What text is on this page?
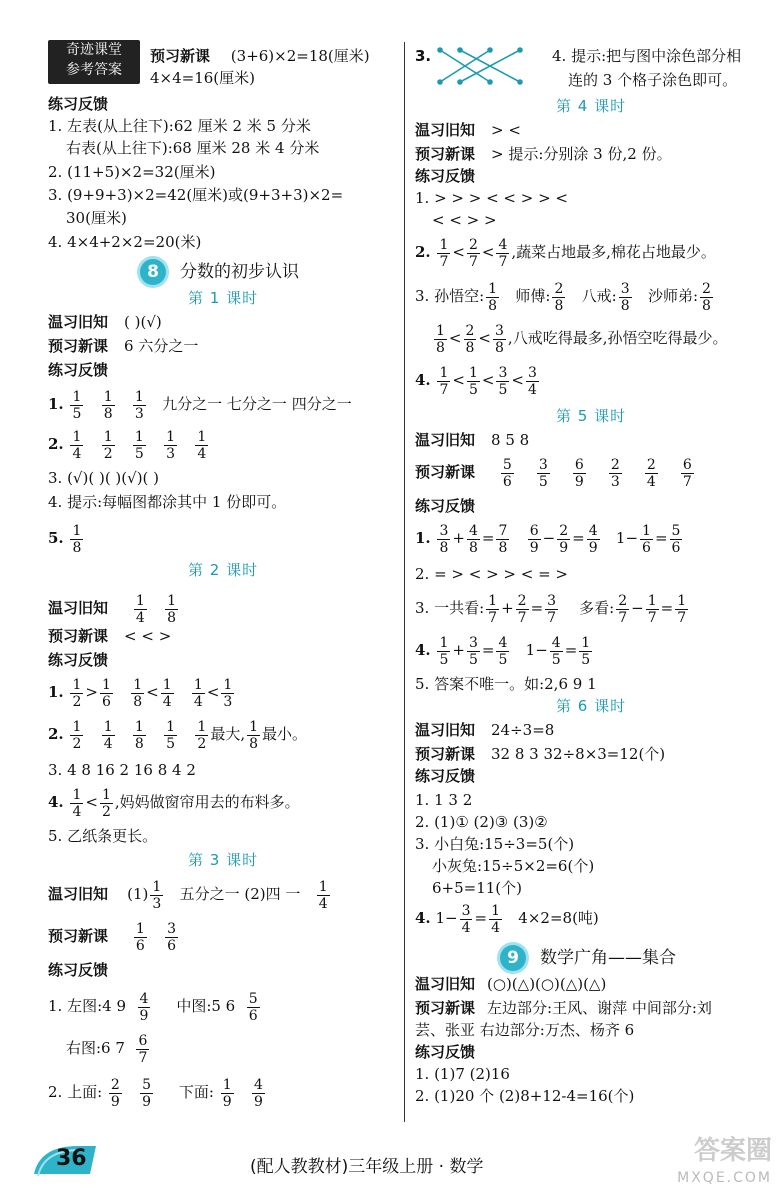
奇迹课堂
参考答案
预习新课 (3+6)×2=18(厘米)
4×4=16(厘米)
练习反馈
1. 左表(从上往下):62 厘米 2 米 5 分米
右表(从上往下):68 厘米 28 米 4 分米
2. (11+5)×2=32(厘米)
3. (9+9+3)×2=42(厘米)或(9+3+3)×2=
30(厘米)
4. 4×4+2×2=20(米)
8 分数的初步认识
第 1 课时
温习旧知 ( )(√)
预习新课 6 六分之一
练习反馈
1. $\frac{1}{5}$
$\frac{1}{8}$
$\frac{1}{3}$ 九分之一 七分之一 四分之一
2. $\frac{1}{4}$
$\frac{1}{2}$
$\frac{1}{5}$
$\frac{1}{3}$
$\frac{1}{4}$
3. (√)( )( )(√)( )
4. 提示:每幅图都涂其中 1 份即可。
5. $\frac{1}{8}$
第 2 课时
温习旧知 $\frac{1}{4}$
$\frac{1}{8}$
预习新课 < < >
练习反馈
1. $\frac{1}{2} > \frac{1}{6}$
$\frac{1}{8} < \frac{1}{4}$
$\frac{1}{4} < \frac{1}{3}$
2. $\frac{1}{2}$
$\frac{1}{4}$
$\frac{1}{8}$
$\frac{1}{5}$
$\frac{1}{2}$ 最大, $\frac{1}{8}$ 最小。
3. 4 8 16 2 16 8 4 2
4. $\frac{1}{4} < \frac{1}{2}$ ,妈妈做窗帘用去的布料多。
5. 乙纸条更长。
第 3 课时
温习旧知 $(1) \frac{1}{3}$ 五分之一 (2)四 一 $\frac{1}{4}$
预习新课 $\frac{1}{6}$
$\frac{3}{6}$
练习反馈
1. 左图:4 $9 \frac{4}{9}$ 中图:5 $6 \frac{5}{6}$
右图:6 $7 \frac{6}{7}$
2. 上面: $\frac{2}{9}$
$\frac{5}{9}$ 下面: $\frac{1}{9}$
$\frac{4}{9}$
3.	4. 提示:把与图中涂色部分相
连的 3 个格子涂色即可。
第 4 课时
温习旧知 > <
预习新课 > 提示:分别涂 3 份,2 份。
练习反馈
1. > > > < < > > <
< < > >
2. $\frac{1}{7} < \frac{2}{7} < \frac{4}{7}$ ,蔬菜占地最多,棉花占地最少。
3. 孙悟空: $\frac{1}{8}$ 师傅: $\frac{2}{8}$ 八戒: $\frac{3}{8}$ 沙师弟: $\frac{2}{8}$
$\frac{1}{8} < \frac{2}{8} < \frac{3}{8}$ ,八戒吃得最多,孙悟空吃得最少。
4. $\frac{1}{7} < \frac{1}{5} < \frac{3}{5} < \frac{3}{4}$
第 5 课时
温习旧知 8 5 8
预习新课 $\frac{5}{6}$
$\frac{3}{5}$
$\frac{6}{9}$
$\frac{2}{3}$
$\frac{2}{4}$
$\frac{6}{7}$
练习反馈
1. $\frac{3}{8} + \frac{4}{8} = \frac{7}{8}$
$\frac{6}{9} - \frac{2}{9} = \frac{4}{9} 1- \frac{1}{6} = \frac{5}{6}$
2. = > < > > < = >
3. 一共看: $\frac{1}{7} + \frac{2}{7} = \frac{3}{7}$ 多看: $\frac{2}{7} - \frac{1}{7} = \frac{1}{7}$
4. $\frac{1}{5} + \frac{3}{5} = \frac{4}{5} 1- \frac{4}{5} = \frac{1}{5}$
5. 答案不唯一。如:2,6 9 1
第 6 课时
温习旧知 24÷3=8
预习新课 32 8 3 32÷8×3=12(个)
练习反馈
1. 1 3 2
2. (1)① (2)③ (3)②
3. 小白兔:15÷3=5(个)
小灰兔:15÷5×2=6(个)
6+5=11(个)
4. $1- \frac{3}{4} = \frac{1}{4} 4\times 2=8$(吨)
9 数学广角——集合
温习旧知 (○)(△)(○)(△)(△)
预习新课 左边部分:王风、谢萍 中间部分:刘
芸、张亚 右边部分:万杰、杨齐 6
练习反馈
1. (1)7 (2)16
2. (1)20 个 (2)8+12-4=16(个)
36	(配人教教材)三年级上册 · 数学
答案圈
MXQE.COM
